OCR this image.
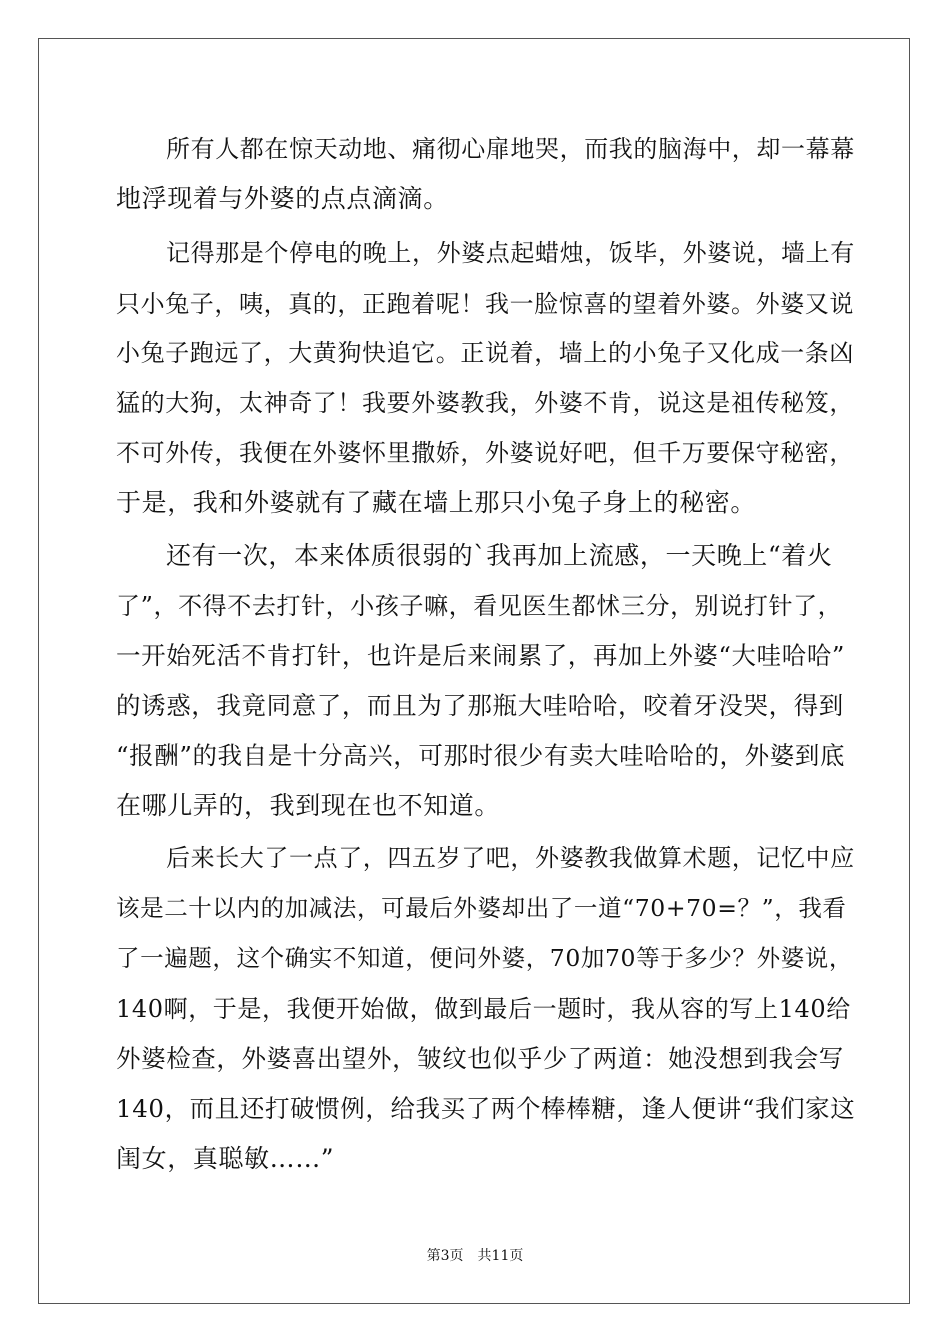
所有人都在惊天动地、痛彻心扉地哭，而我的脑海中，却一幕幕
地浮现着与外婆的点点滴滴。
记得那是个停电的晚上，外婆点起蜡烛，饭毕，外婆说，墙上有
只小兔子，咦，真的，正跑着呢！我一脸惊喜的望着外婆。外婆又说
小兔子跑远了，大黄狗快追它。正说着，墙上的小兔子又化成一条凶
猛的大狗，太神奇了！我要外婆教我，外婆不肯，说这是祖传秘笈，
不可外传，我便在外婆怀里撒娇，外婆说好吧，但千万要保守秘密，
于是，我和外婆就有了藏在墙上那只小兔子身上的秘密。
还有一次，本来体质很弱的`我再加上流感，一天晚上“着火
了”，不得不去打针，小孩子嘛，看见医生都怵三分，别说打针了，
一开始死活不肯打针，也许是后来闹累了，再加上外婆“大哇哈哈”
的诱惑，我竟同意了，而且为了那瓶大哇哈哈，咬着牙没哭，得到
“报酬”的我自是十分高兴，可那时很少有卖大哇哈哈的，外婆到底
在哪儿弄的，我到现在也不知道。
后来长大了一点了，四五岁了吧，外婆教我做算术题，记忆中应
该是二十以内的加减法，可最后外婆却出了一道“70+70=？”，我看
了一遍题，这个确实不知道，便问外婆，70加70等于多少？外婆说，
140啊，于是，我便开始做，做到最后一题时，我从容的写上140给
外婆检查，外婆喜出望外，皱纹也似乎少了两道：她没想到我会写
140，而且还打破惯例，给我买了两个棒棒糖，逢人便讲“我们家这
闺女，真聪敏……”
第3页 共11页
